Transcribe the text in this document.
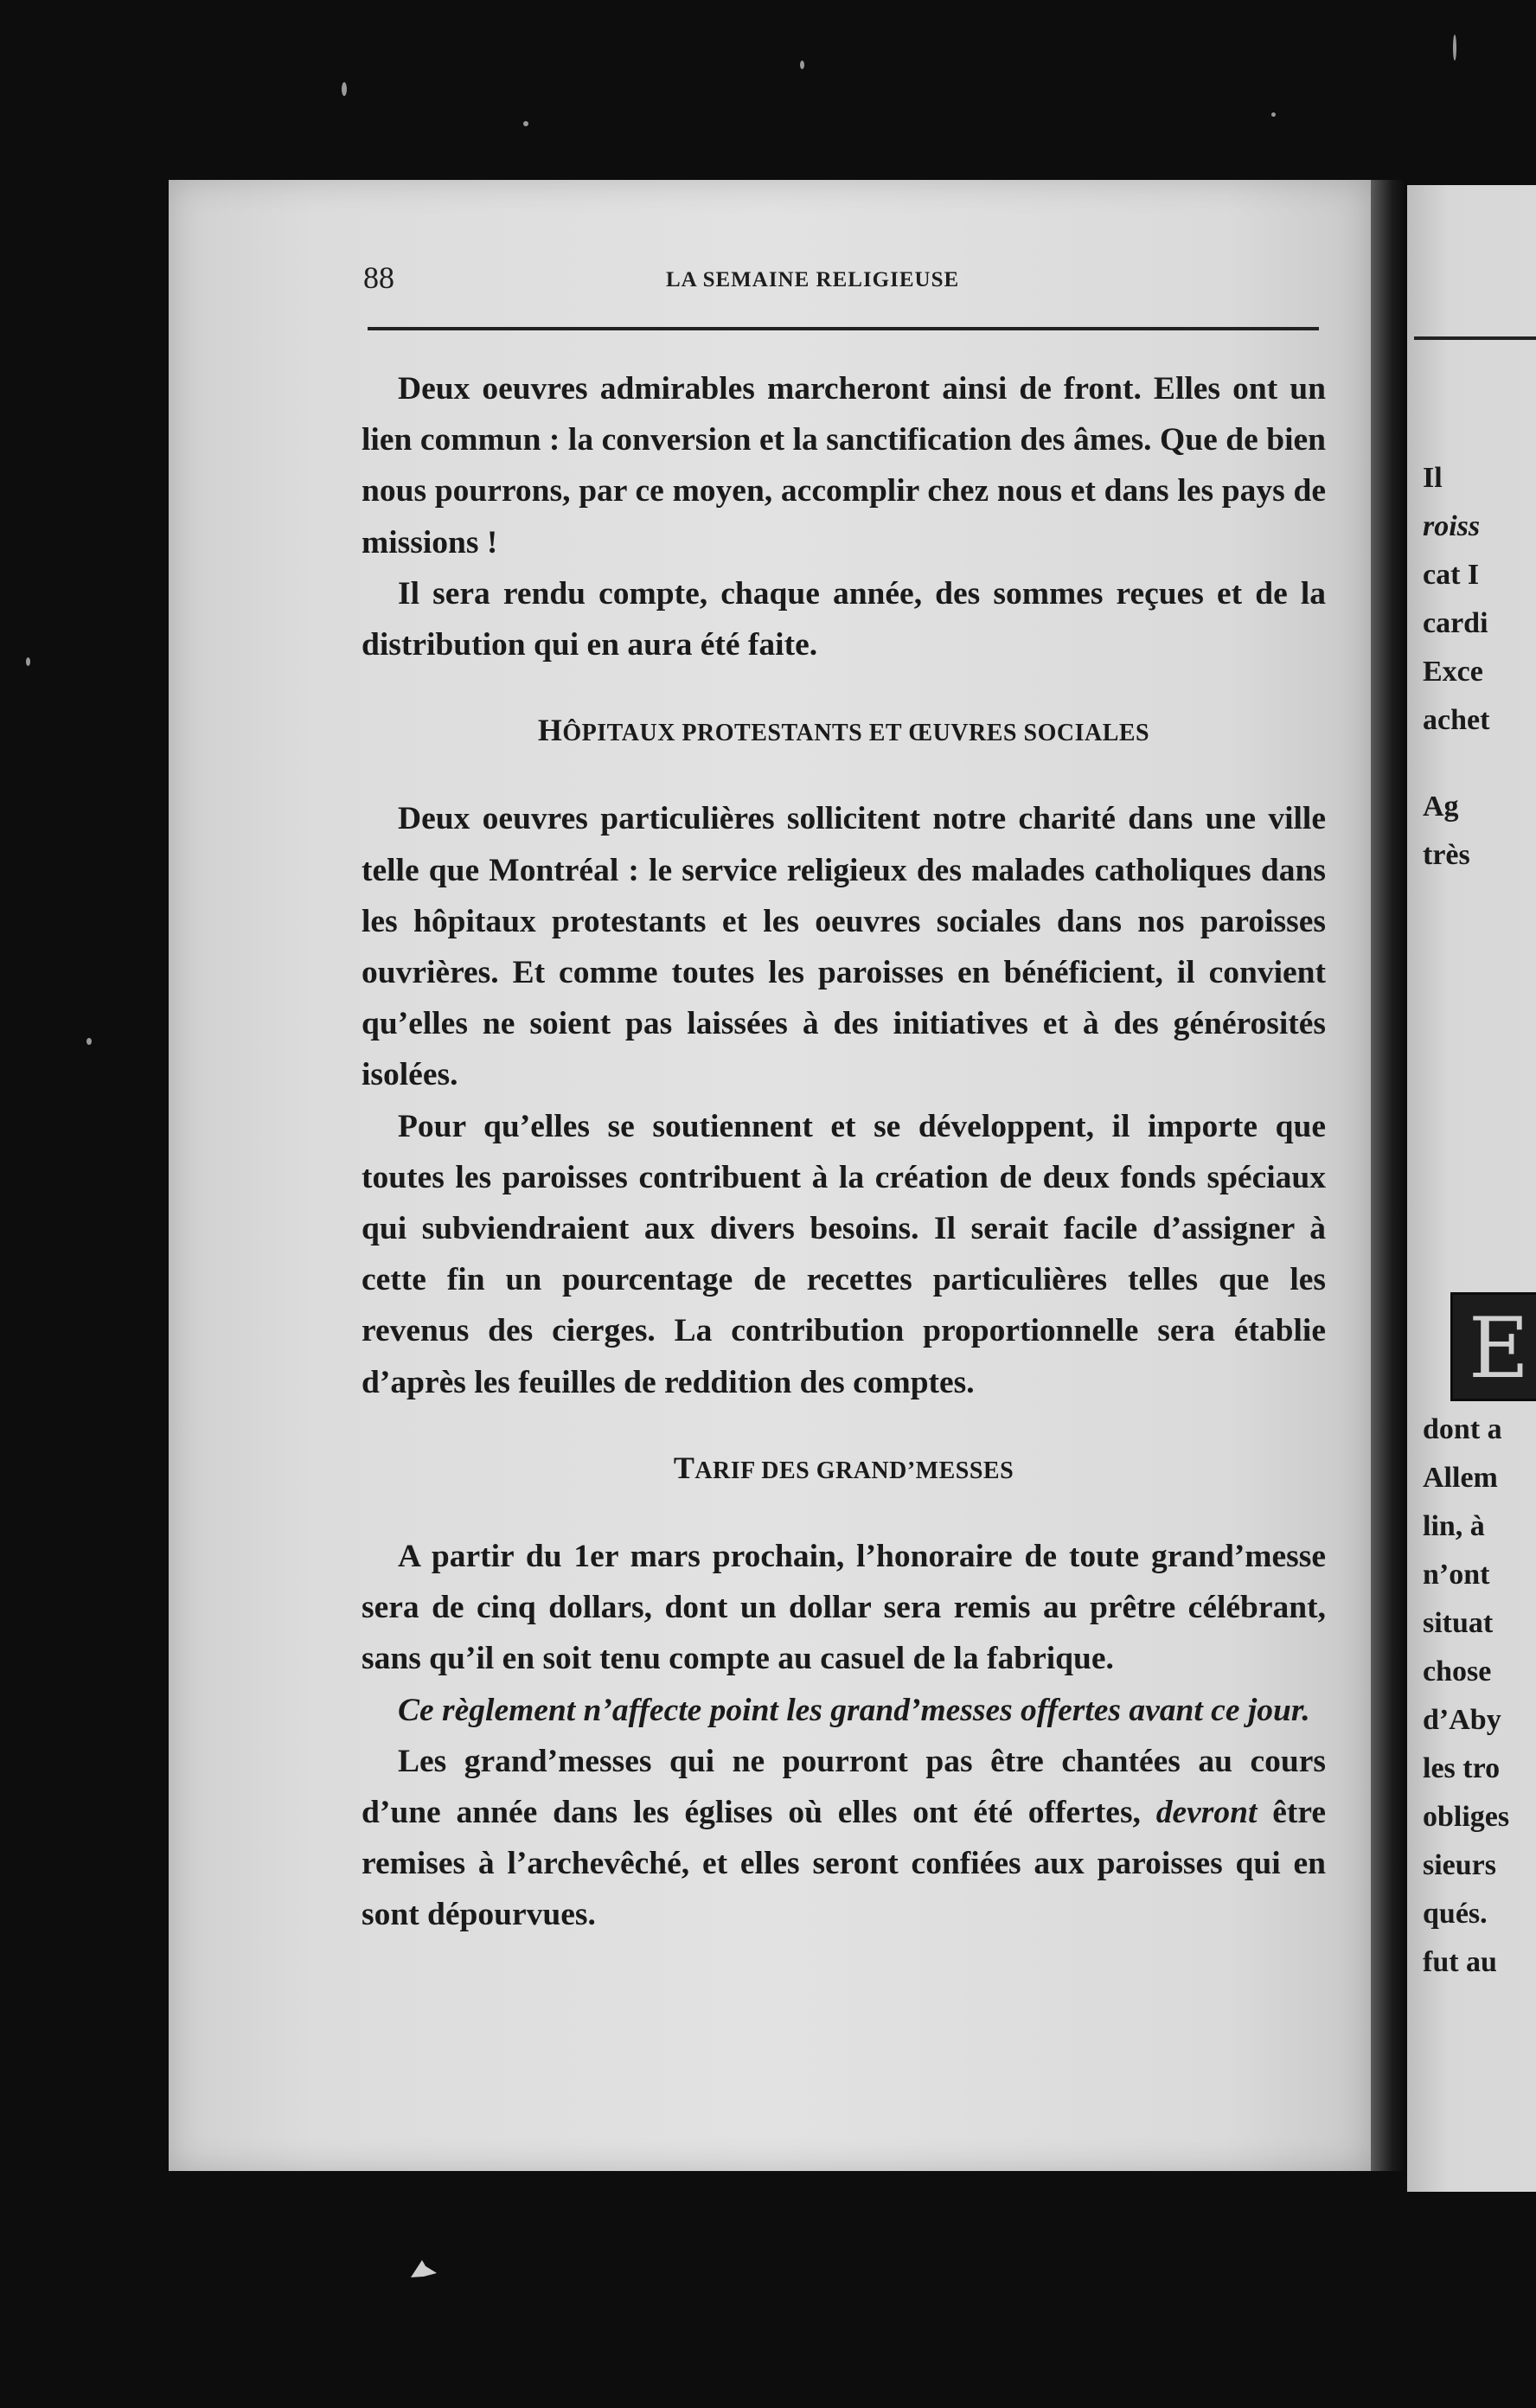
Il
roiss
cat I
cardi
Exce
achet
Ag
très
dont a
Allem
lin, à
n’ont
situat
chose
d’Aby
les tro
obliges
sieurs
qués.
fut au
E
88	LA SEMAINE RELIGIEUSE

Deux oeuvres admirables marcheront ainsi de front. Elles ont un lien commun : la conversion et la sanctification des âmes. Que de bien nous pourrons, par ce moyen, accomplir chez nous et dans les pays de missions !

Il sera rendu compte, chaque année, des sommes reçues et de la distribution qui en aura été faite.

HÔPITAUX PROTESTANTS ET ŒUVRES SOCIALES

Deux oeuvres particulières sollicitent notre charité dans une ville telle que Montréal : le service religieux des malades catholiques dans les hôpitaux protestants et les oeuvres sociales dans nos paroisses ouvrières. Et comme toutes les paroisses en bénéficient, il convient qu’elles ne soient pas laissées à des initiatives et à des générosités isolées.

Pour qu’elles se soutiennent et se développent, il importe que toutes les paroisses contribuent à la création de deux fonds spéciaux qui subviendraient aux divers besoins. Il serait facile d’assigner à cette fin un pourcentage de recettes particulières telles que les revenus des cierges. La contribution proportionnelle sera établie d’après les feuilles de reddition des comptes.

TARIF DES GRAND’MESSES

A partir du 1er mars prochain, l’honoraire de toute grand’messe sera de cinq dollars, dont un dollar sera remis au prêtre célébrant, sans qu’il en soit tenu compte au casuel de la fabrique.

Ce règlement n’affecte point les grand’messes offertes avant ce jour.

Les grand’messes qui ne pourront pas être chantées au cours d’une année dans les églises où elles ont été offertes, devront être remises à l’archevêché, et elles seront confiées aux paroisses qui en sont dépourvues.
